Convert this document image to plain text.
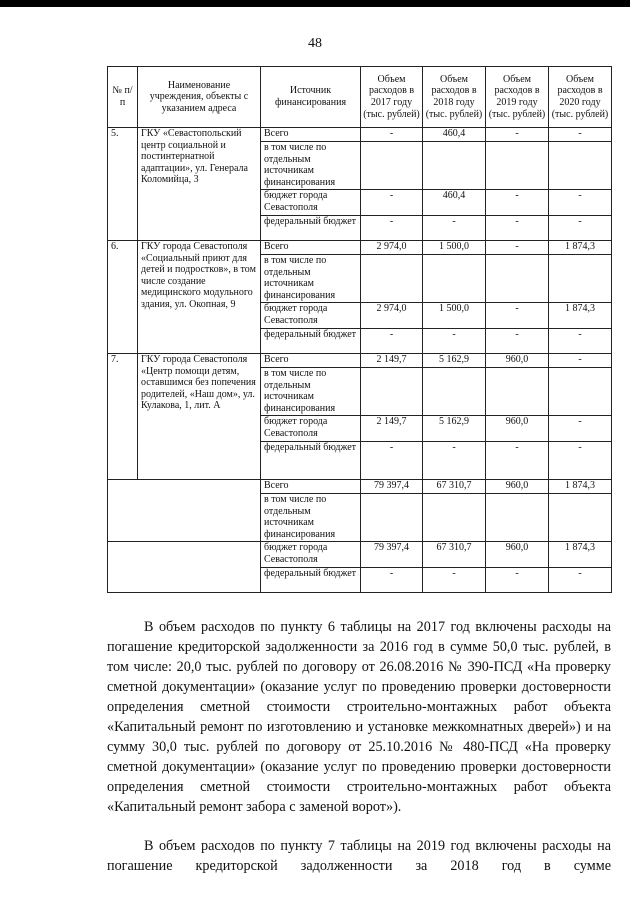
48
№ п/п	Наименование учреждения, объекты с указанием адреса	Источник финансирования	Объем расходов в 2017 году (тыс. рублей)	Объем расходов в 2018 году (тыс. рублей)	Объем расходов в 2019 году (тыс. рублей)	Объем расходов в 2020 году (тыс. рублей)
5.	ГКУ «Севастопольский центр социальной и постинтернатной адаптации», ул. Генерала Коломийца, 3	Всего	-	460,4	-	-
		в том числе по отдельным источникам финансирования				
		бюджет города Севастополя	-	460,4	-	-
		федеральный бюджет	-	-	-	-
6.	ГКУ города Севастополя «Социальный приют для детей и подростков», в том числе создание медицинского модульного здания, ул. Окопная, 9	Всего	2 974,0	1 500,0	-	1 874,3
		в том числе по отдельным источникам финансирования				
		бюджет города Севастополя	2 974,0	1 500,0	-	1 874,3
		федеральный бюджет	-	-	-	-
7.	ГКУ города Севастополя «Центр помощи детям, оставшимся без попечения родителей, «Наш дом», ул. Кулакова, 1, лит. А	Всего	2 149,7	5 162,9	960,0	-
		в том числе по отдельным источникам финансирования				
		бюджет города Севастополя	2 149,7	5 162,9	960,0	-
		федеральный бюджет	-	-	-	-
		Всего	79 397,4	67 310,7	960,0	1 874,3
		в том числе по отдельным источникам финансирования				
		бюджет города Севастополя	79 397,4	67 310,7	960,0	1 874,3
		федеральный бюджет	-	-	-	-

В объем расходов по пункту 6 таблицы на 2017 год включены расходы на погашение кредиторской задолженности за 2016 год в сумме 50,0 тыс. рублей, в том числе: 20,0 тыс. рублей по договору от 26.08.2016 № 390-ПСД «На проверку сметной документации» (оказание услуг по проведению проверки достоверности определения сметной стоимости строительно-монтажных работ объекта «Капитальный ремонт по изготовлению и установке межкомнатных дверей») и на сумму 30,0 тыс. рублей по договору от 25.10.2016 № 480-ПСД «На проверку сметной документации» (оказание услуг по проведению проверки достоверности определения сметной стоимости строительно-монтажных работ объекта «Капитальный ремонт забора с заменой ворот»).

В объем расходов по пункту 7 таблицы на 2019 год включены расходы на погашение кредиторской задолженности за 2018 год в сумме
